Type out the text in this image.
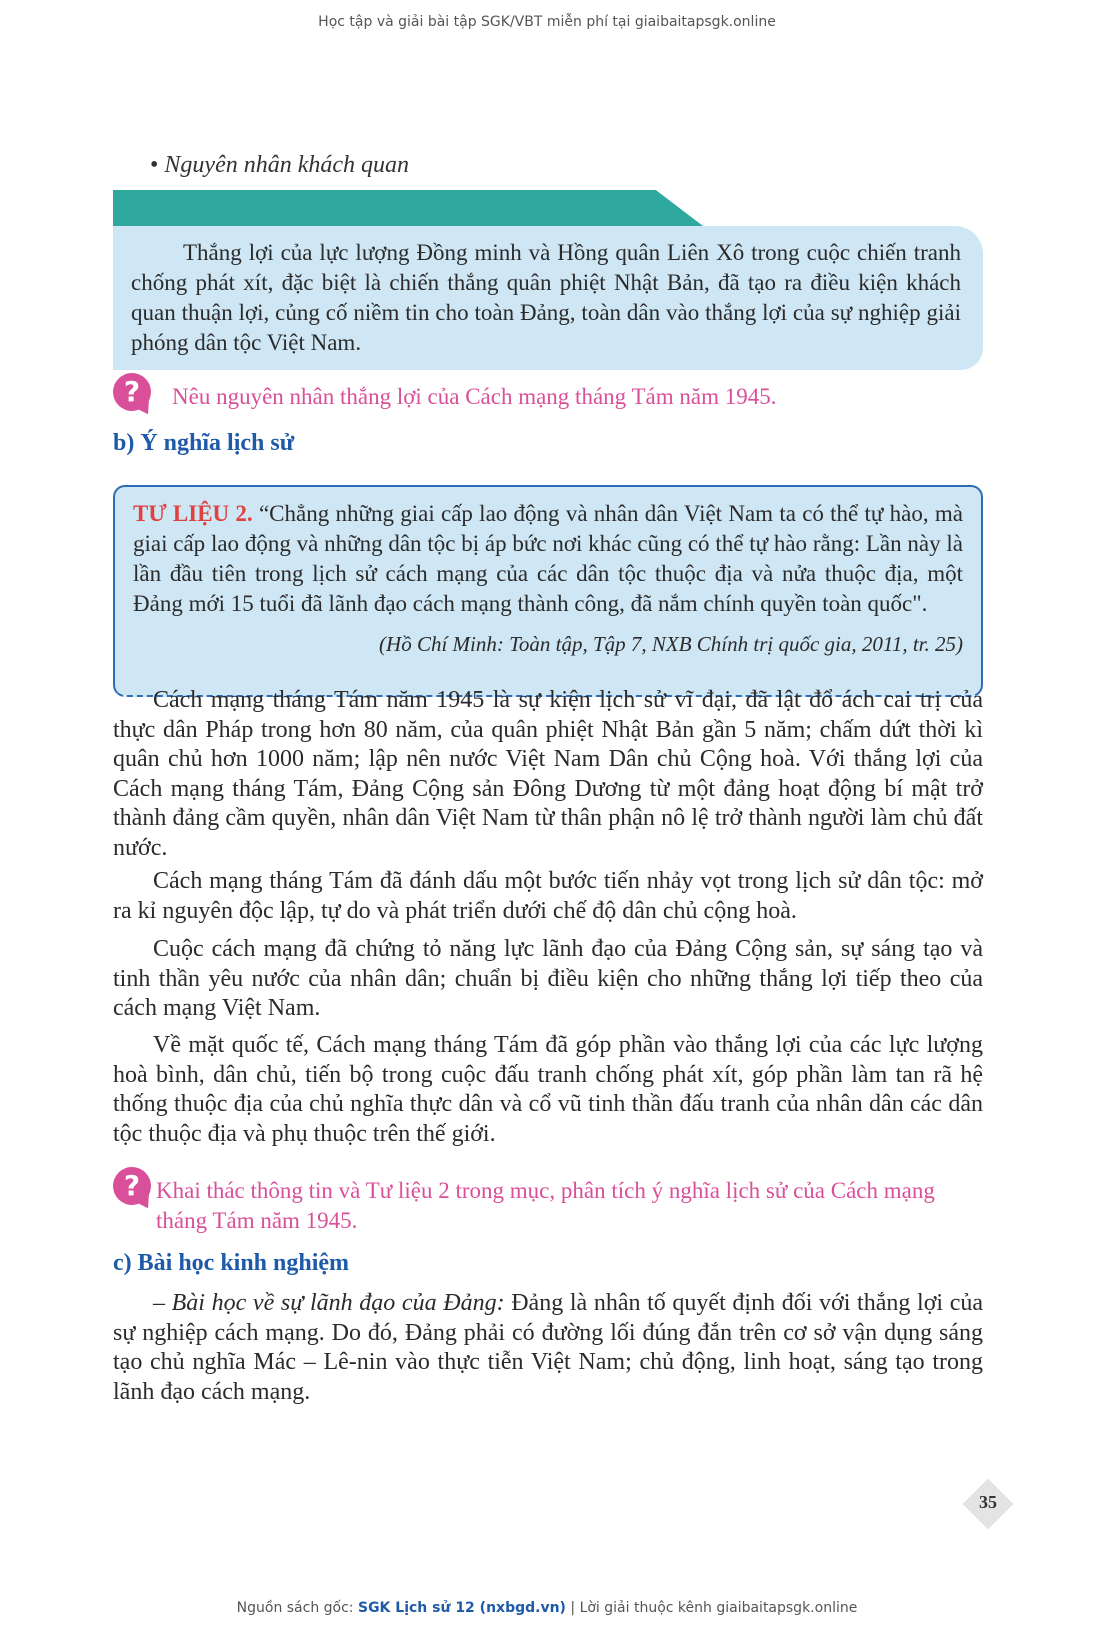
Học tập và giải bài tập SGK/VBT miễn phí tại giaibaitapsgk.online
• Nguyên nhân khách quan

Thắng lợi của lực lượng Đồng minh và Hồng quân Liên Xô trong cuộc chiến tranh chống phát xít, đặc biệt là chiến thắng quân phiệt Nhật Bản, đã tạo ra điều kiện khách quan thuận lợi, củng cố niềm tin cho toàn Đảng, toàn dân vào thắng lợi của sự nghiệp giải phóng dân tộc Việt Nam.

?	Nêu nguyên nhân thắng lợi của Cách mạng tháng Tám năm 1945.
b) Ý nghĩa lịch sử

TƯ LIỆU 2. “Chẳng những giai cấp lao động và nhân dân Việt Nam ta có thể tự hào, mà giai cấp lao động và những dân tộc bị áp bức nơi khác cũng có thể tự hào rằng: Lần này là lần đầu tiên trong lịch sử cách mạng của các dân tộc thuộc địa và nửa thuộc địa, một Đảng mới 15 tuổi đã lãnh đạo cách mạng thành công, đã nắm chính quyền toàn quốc".

(Hồ Chí Minh: Toàn tập, Tập 7, NXB Chính trị quốc gia, 2011, tr. 25)

Cách mạng tháng Tám năm 1945 là sự kiện lịch sử vĩ đại, đã lật đổ ách cai trị của thực dân Pháp trong hơn 80 năm, của quân phiệt Nhật Bản gần 5 năm; chấm dứt thời kì quân chủ hơn 1000 năm; lập nên nước Việt Nam Dân chủ Cộng hoà. Với thắng lợi của Cách mạng tháng Tám, Đảng Cộng sản Đông Dương từ một đảng hoạt động bí mật trở thành đảng cầm quyền, nhân dân Việt Nam từ thân phận nô lệ trở thành người làm chủ đất nước.

Cách mạng tháng Tám đã đánh dấu một bước tiến nhảy vọt trong lịch sử dân tộc: mở ra kỉ nguyên độc lập, tự do và phát triển dưới chế độ dân chủ cộng hoà.

Cuộc cách mạng đã chứng tỏ năng lực lãnh đạo của Đảng Cộng sản, sự sáng tạo và tinh thần yêu nước của nhân dân; chuẩn bị điều kiện cho những thắng lợi tiếp theo của cách mạng Việt Nam.

Về mặt quốc tế, Cách mạng tháng Tám đã góp phần vào thắng lợi của các lực lượng hoà bình, dân chủ, tiến bộ trong cuộc đấu tranh chống phát xít, góp phần làm tan rã hệ thống thuộc địa của chủ nghĩa thực dân và cổ vũ tinh thần đấu tranh của nhân dân các dân tộc thuộc địa và phụ thuộc trên thế giới.

? Khai thác thông tin và Tư liệu 2 trong mục, phân tích ý nghĩa lịch sử của Cách mạng tháng Tám năm 1945.
c) Bài học kinh nghiệm

– Bài học về sự lãnh đạo của Đảng: Đảng là nhân tố quyết định đối với thắng lợi của sự nghiệp cách mạng. Do đó, Đảng phải có đường lối đúng đắn trên cơ sở vận dụng sáng tạo chủ nghĩa Mác – Lê-nin vào thực tiễn Việt Nam; chủ động, linh hoạt, sáng tạo trong lãnh đạo cách mạng.

35
Nguồn sách gốc: SGK Lịch sử 12 (nxbgd.vn) | Lời giải thuộc kênh giaibaitapsgk.online
